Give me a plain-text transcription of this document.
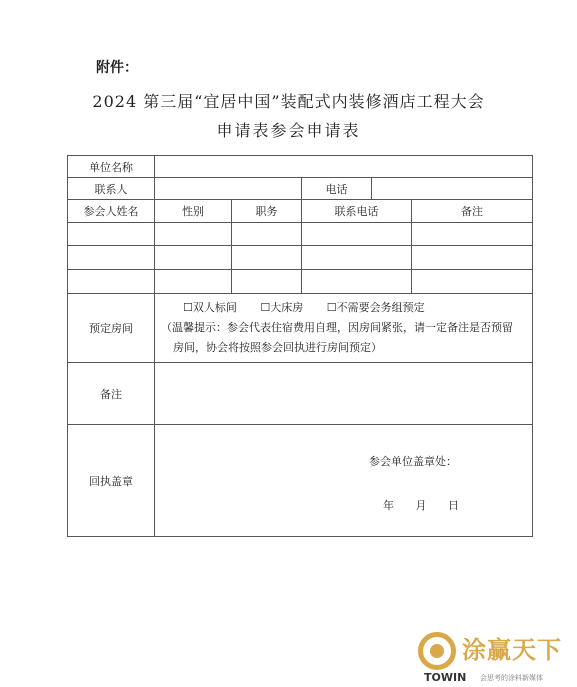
附件：
2024 第三届“宜居中国”装配式内装修酒店工程大会
申请表参会申请表
单位名称					
联系人			电话		
参会人姓名	性别	职务	联系电话		备注

预定房间	☐双人标间 ☐大床房 ☐不需要会务组预定
（温馨提示：参会代表住宿费用自理，因房间紧张，请一定备注是否预留
房间，协会将按照参会回执进行房间预定）				

备注					
回执盖章	参会单位盖章处：
年 月 日				
涂赢天下
TOWIN 会思考的涂料新媒体
